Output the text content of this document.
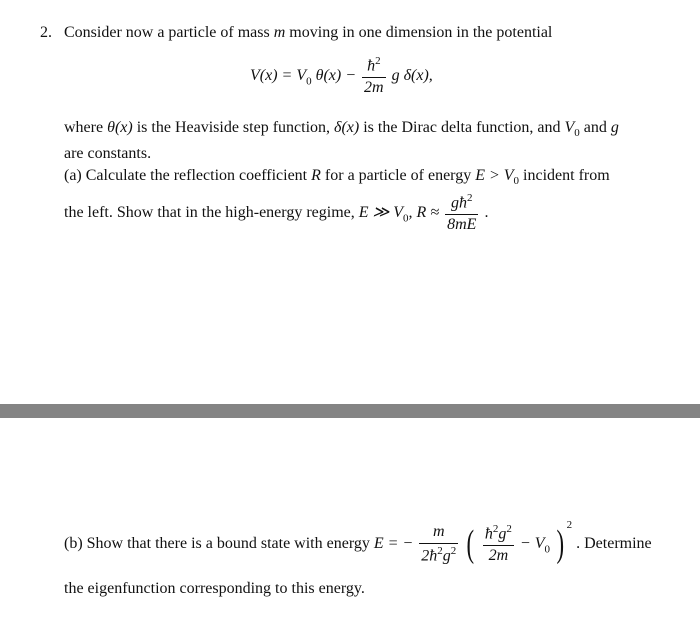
2. Consider now a particle of mass m moving in one dimension in the potential
$V(x) = V_0$ $\theta(x) - \frac{ħ^2}{2m}$ g δ(x),
where θ(x) is the Heaviside step function, δ(x) is the Dirac delta function, and $V_0$ and g
are constants.
(a) Calculate the reflection coefficient R for a particle of energy $E > V_0$ incident from
the left. Show that in the high-energy regime, E ≫ $V_0$, $R \approx \frac{għ^2}{8mE}$ .
(b) Show that there is a bound state with energy E = − $\frac{m}{2ħ^2g^2}$ ( $\frac{ħ^2g^2}{2m} - V_0$ ) $^2$ . Determine
the eigenfunction corresponding to this energy.
